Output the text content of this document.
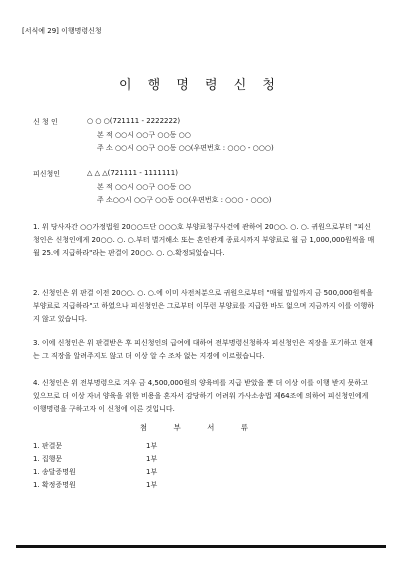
[서식예 29] 이행명령신청
이 행 명 령 신 청
신 청 인	○ ○ ○(721111 - 2222222)
본 적 ○○시 ○○구 ○○동 ○○
주 소 ○○시 ○○구 ○○동 ○○(우편번호 : ○○○ - ○○○)
피신청인	△ △ △(721111 - 1111111)
본 적 ○○시 ○○구 ○○동 ○○
주 소○○시 ○○구 ○○동 ○○(우편번호 : ○○○ - ○○○)
1. 위 당사자간 ○○가정법원 20○○드단 ○○○호 부양료청구사건에 관하여 20○○. ○. ○. 귀원으로부터 "피신청인은 신청인에게 20○○. ○. ○.부터 별거해소 또는 혼인관계 종료시까지 부양료로 월 금 1,000,000원씩을 매월 25.에 지급하라"라는 판결이 20○○. ○. ○.확정되었습니다.
2. 신청인은 위 판결 이전 20○○. ○. ○.에 이미 사전처분으로 귀원으로부터 "매월 말일까지 금 500,000원씩을 부양료로 지급하라"고 하였으나 피신청인은 그로부터 이무런 부양료를 지급한 바도 없으며 지금까지 이를 이행하지 않고 있습니다.
3. 이에 신청인은 위 판결받은 후 피신청인의 급여에 대하여 전부명령신청하자 피신청인은 직장을 포기하고 현재는 그 직장을 알려주지도 않고 더 이상 알 수 조차 없는 지경에 이르렀습니다.
4. 신청인은 위 전부명령으로 겨우 금 4,500,000원의 양육비를 지급 받았을 뿐 더 이상 이를 이행 받지 못하고 있으므로 더 이상 자녀 양육을 위한 비용을 혼자서 감당하기 어려워 가사소송법 제64조에 의하여 피신청인에게 이행명령을 구하고자 이 신청에 이른 것입니다.
첨 부 서 류
1. 판결문	1부
1. 집행문	1부
1. 송달증명원	1부
1. 확정증명원	1부
